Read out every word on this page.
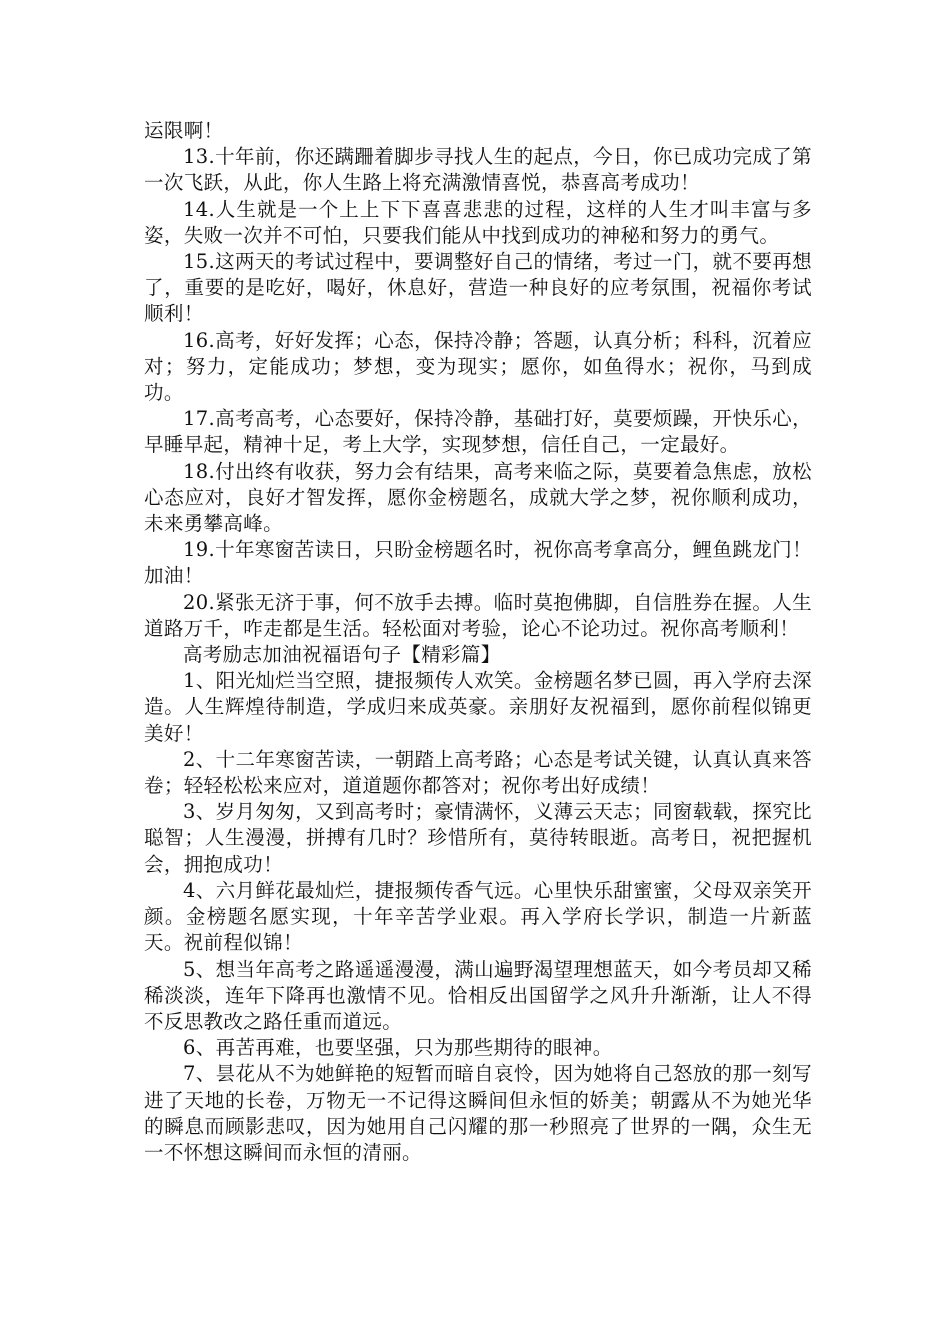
运限啊！

13.十年前，你还蹒跚着脚步寻找人生的起点，今日，你已成功完成了第一次飞跃，从此，你人生路上将充满激情喜悦，恭喜高考成功！

14.人生就是一个上上下下喜喜悲悲的过程，这样的人生才叫丰富与多姿，失败一次并不可怕，只要我们能从中找到成功的神秘和努力的勇气。

15.这两天的考试过程中，要调整好自己的情绪，考过一门，就不要再想了，重要的是吃好，喝好，休息好，营造一种良好的应考氛围，祝福你考试顺利！

16.高考，好好发挥；心态，保持冷静；答题，认真分析；科科，沉着应对；努力，定能成功；梦想，变为现实；愿你，如鱼得水；祝你，马到成功。

17.高考高考，心态要好，保持冷静，基础打好，莫要烦躁，开快乐心，早睡早起，精神十足，考上大学，实现梦想，信任自己，一定最好。

18.付出终有收获，努力会有结果，高考来临之际，莫要着急焦虑，放松心态应对，良好才智发挥，愿你金榜题名，成就大学之梦，祝你顺利成功，未来勇攀高峰。

19.十年寒窗苦读日，只盼金榜题名时，祝你高考拿高分，鲤鱼跳龙门！加油！

20.紧张无济于事，何不放手去搏。临时莫抱佛脚，自信胜券在握。人生道路万千，咋走都是生活。轻松面对考验，论心不论功过。祝你高考顺利！

高考励志加油祝福语句子【精彩篇】

1、阳光灿烂当空照，捷报频传人欢笑。金榜题名梦已圆，再入学府去深造。人生辉煌待制造，学成归来成英豪。亲朋好友祝福到，愿你前程似锦更美好！

2、十二年寒窗苦读，一朝踏上高考路；心态是考试关键，认真认真来答卷；轻轻松松来应对，道道题你都答对；祝你考出好成绩！

3、岁月匆匆，又到高考时；豪情满怀，义薄云天志；同窗载载，探究比聪智；人生漫漫，拼搏有几时？珍惜所有，莫待转眼逝。高考日，祝把握机会，拥抱成功！

4、六月鲜花最灿烂，捷报频传香气远。心里快乐甜蜜蜜，父母双亲笑开颜。金榜题名愿实现，十年辛苦学业艰。再入学府长学识，制造一片新蓝天。祝前程似锦！

5、想当年高考之路遥遥漫漫，满山遍野渴望理想蓝天，如今考员却又稀稀淡淡，连年下降再也激情不见。恰相反出国留学之风升升渐渐，让人不得不反思教改之路任重而道远。

6、再苦再难，也要坚强，只为那些期待的眼神。

7、昙花从不为她鲜艳的短暂而暗自哀怜，因为她将自己怒放的那一刻写进了天地的长卷，万物无一不记得这瞬间但永恒的娇美；朝露从不为她光华的瞬息而顾影悲叹，因为她用自己闪耀的那一秒照亮了世界的一隅，众生无一不怀想这瞬间而永恒的清丽。
